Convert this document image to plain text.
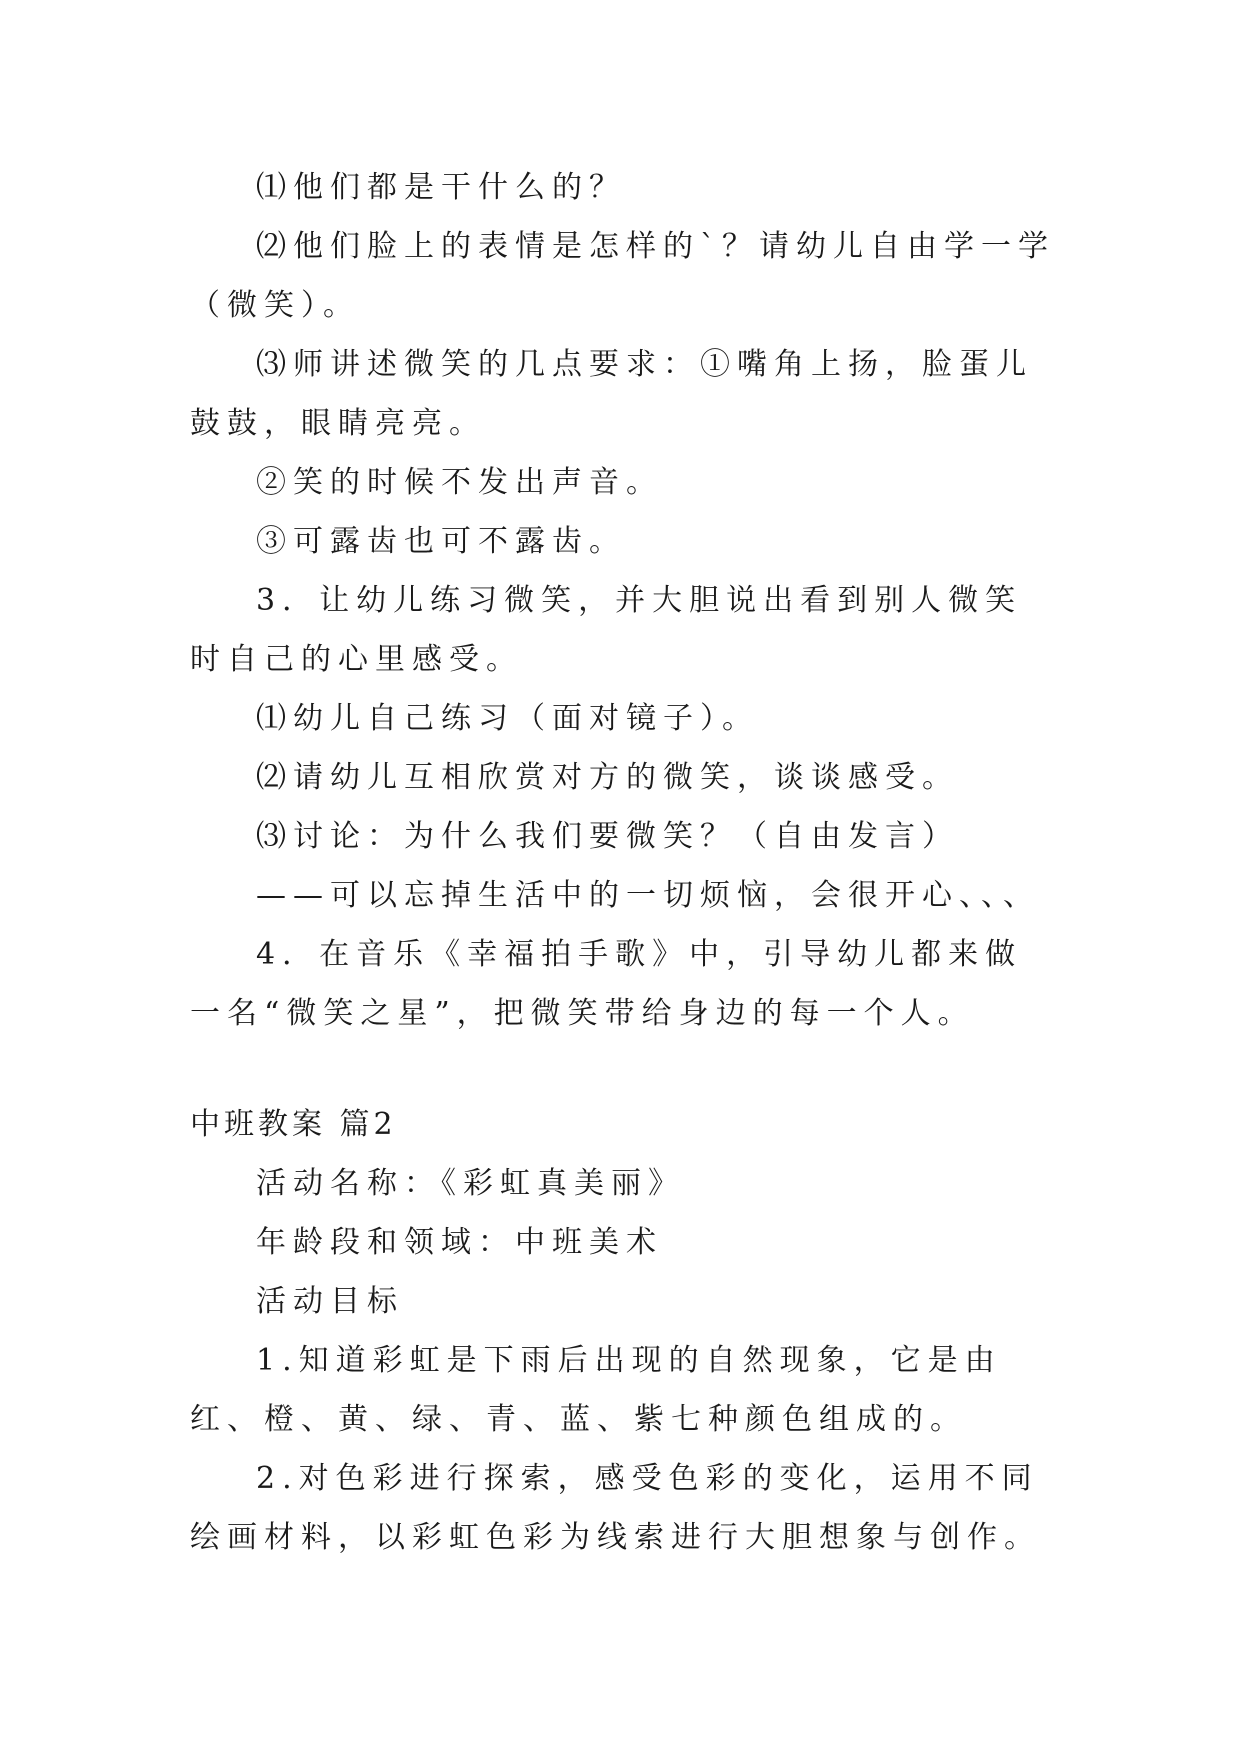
⑴他们都是干什么的？

⑵他们脸上的表情是怎样的`？请幼儿自由学一学（微笑）。

⑶师讲述微笑的几点要求：①嘴角上扬，脸蛋儿鼓鼓，眼睛亮亮。

②笑的时候不发出声音。

③可露齿也可不露齿。

3．让幼儿练习微笑，并大胆说出看到别人微笑时自己的心里感受。

⑴幼儿自己练习（面对镜子）。

⑵请幼儿互相欣赏对方的微笑，谈谈感受。

⑶讨论：为什么我们要微笑？（自由发言）

——可以忘掉生活中的一切烦恼，会很开心、、、

4．在音乐《幸福拍手歌》中，引导幼儿都来做一名“微笑之星”，把微笑带给身边的每一个人。

中班教案 篇2

活动名称：《彩虹真美丽》

年龄段和领域：中班美术

活动目标

1.知道彩虹是下雨后出现的自然现象，它是由红、橙、黄、绿、青、蓝、紫七种颜色组成的。

2.对色彩进行探索，感受色彩的变化，运用不同绘画材料，以彩虹色彩为线索进行大胆想象与创作。
